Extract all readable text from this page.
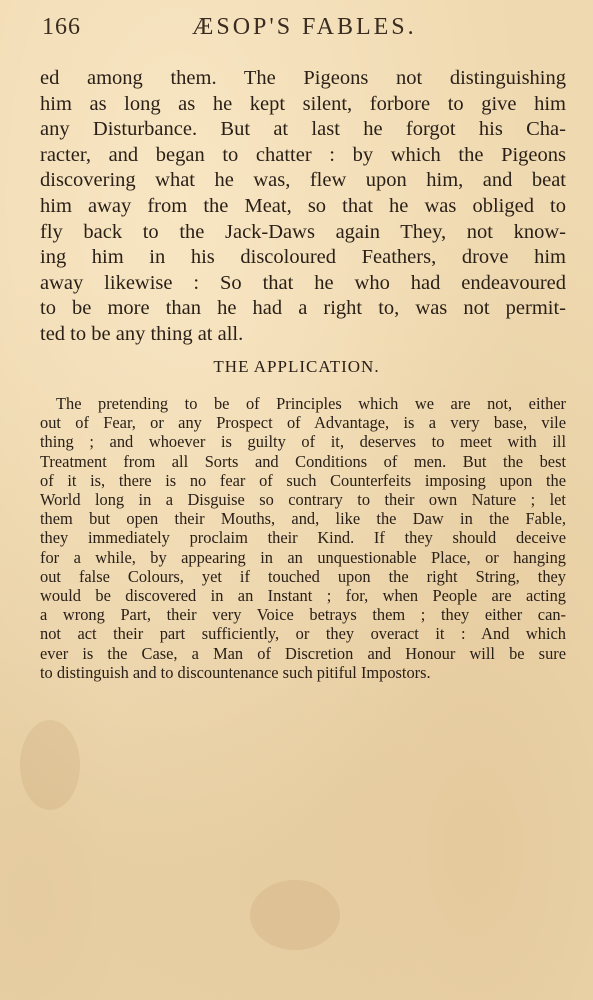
166	ÆSOP'S FABLES.
ed among them. The Pigeons not distinguishing
him as long as he kept silent, forbore to give him
any Disturbance. But at last he forgot his Cha-
racter, and began to chatter : by which the Pigeons
discovering what he was, flew upon him, and beat
him away from the Meat, so that he was obliged to
fly back to the Jack-Daws again They, not know-
ing him in his discoloured Feathers, drove him
away likewise : So that he who had endeavoured
to be more than he had a right to, was not permit-
ted to be any thing at all.
THE APPLICATION.
The pretending to be of Principles which we are not, either
out of Fear, or any Prospect of Advantage, is a very base, vile
thing ; and whoever is guilty of it, deserves to meet with ill
Treatment from all Sorts and Conditions of men. But the best
of it is, there is no fear of such Counterfeits imposing upon the
World long in a Disguise so contrary to their own Nature ; let
them but open their Mouths, and, like the Daw in the Fable,
they immediately proclaim their Kind. If they should deceive
for a while, by appearing in an unquestionable Place, or hanging
out false Colours, yet if touched upon the right String, they
would be discovered in an Instant ; for, when People are acting
a wrong Part, their very Voice betrays them ; they either can-
not act their part sufficiently, or they overact it : And which
ever is the Case, a Man of Discretion and Honour will be sure
to distinguish and to discountenance such pitiful Impostors.
